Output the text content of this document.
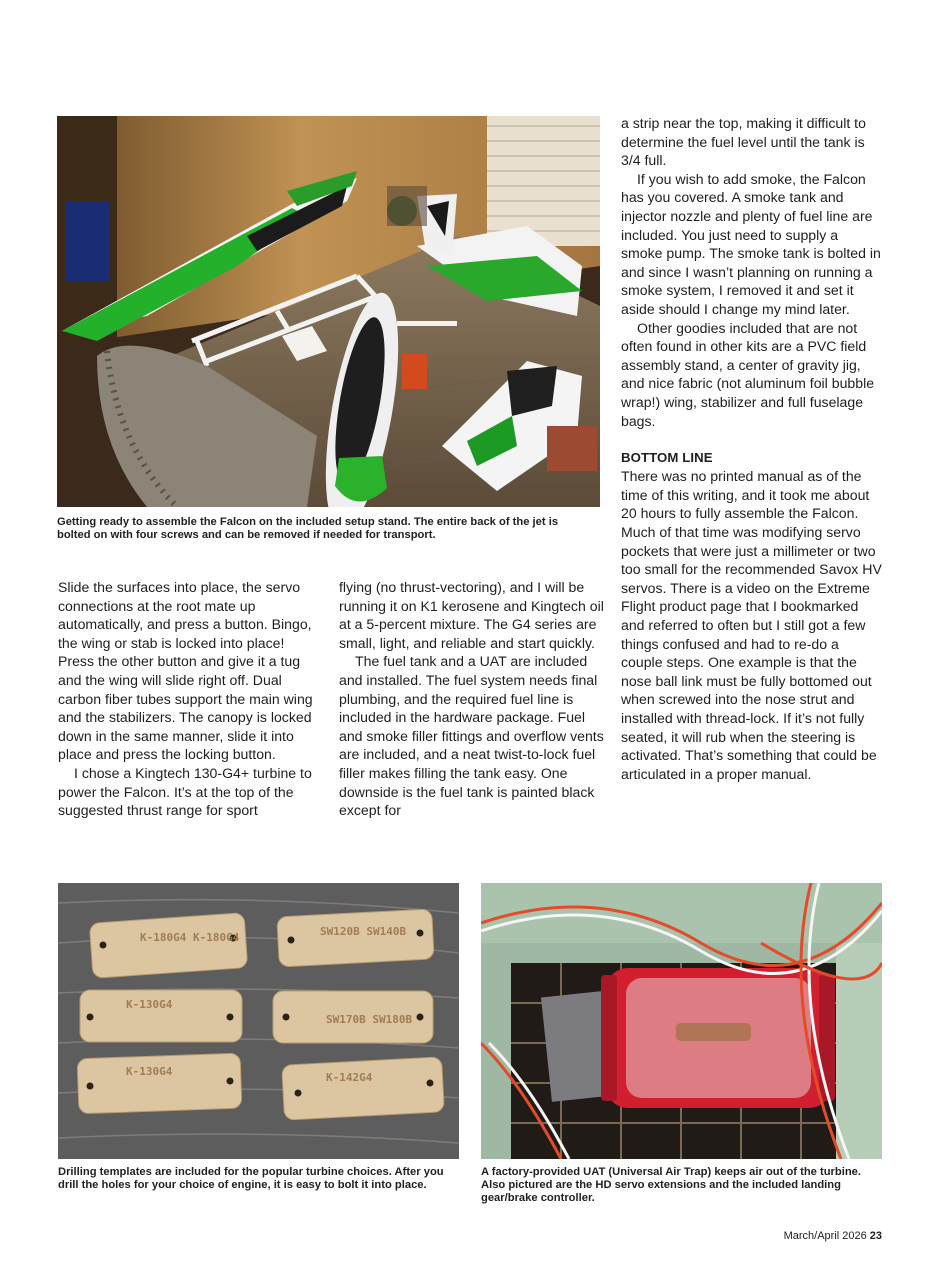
Getting ready to assemble the Falcon on the included setup stand. The entire back of the jet is bolted on with four screws and can be removed if needed for transport.

Slide the surfaces into place, the servo connections at the root mate up automatically, and press a button. Bingo, the wing or stab is locked into place! Press the other button and give it a tug and the wing will slide right off. Dual carbon fiber tubes support the main wing and the stabilizers. The canopy is locked down in the same manner, slide it into place and press the locking button.

I chose a Kingtech 130-G4+ turbine to power the Falcon. It’s at the top of the suggested thrust range for sport

flying (no thrust-vectoring), and I will be running it on K1 kerosene and Kingtech oil at a 5-percent mixture. The G4 series are small, light, and reliable and start quickly.

The fuel tank and a UAT are included and installed. The fuel system needs final plumbing, and the required fuel line is included in the hardware package. Fuel and smoke filler fittings and overflow vents are included, and a neat twist-to-lock fuel filler makes filling the tank easy. One downside is the fuel tank is painted black except for

a strip near the top, making it difficult to determine the fuel level until the tank is 3/4 full.

If you wish to add smoke, the Falcon has you covered. A smoke tank and injector nozzle and plenty of fuel line are included. You just need to supply a smoke pump. The smoke tank is bolted in and since I wasn’t planning on running a smoke system, I removed it and set it aside should I change my mind later.

Other goodies included that are not often found in other kits are a PVC field assembly stand, a center of gravity jig, and nice fabric (not aluminum foil bubble wrap!) wing, stabilizer and full fuselage bags.

BOTTOM LINE

There was no printed manual as of the time of this writing, and it took me about 20 hours to fully assemble the Falcon. Much of that time was modifying servo pockets that were just a millimeter or two too small for the recommended Savox HV servos. There is a video on the Extreme Flight product page that I bookmarked and referred to often but I still got a few things confused and had to re-do a couple steps. One example is that the nose ball link must be fully bottomed out when screwed into the nose strut and installed with thread-lock. If it’s not fully seated, it will rub when the steering is activated. That’s something that could be articulated in a proper manual.

K-180G4 K-180G4	SW120B SW140B
K-130G4
SW170B SW180B
K-130G4	K-142G4

Drilling templates are included for the popular turbine choices. After you drill the holes for your choice of engine, it is easy to bolt it into place.

A factory-provided UAT (Universal Air Trap) keeps air out of the turbine. Also pictured are the HD servo extensions and the included landing gear/brake controller.

March/April 2026 23
